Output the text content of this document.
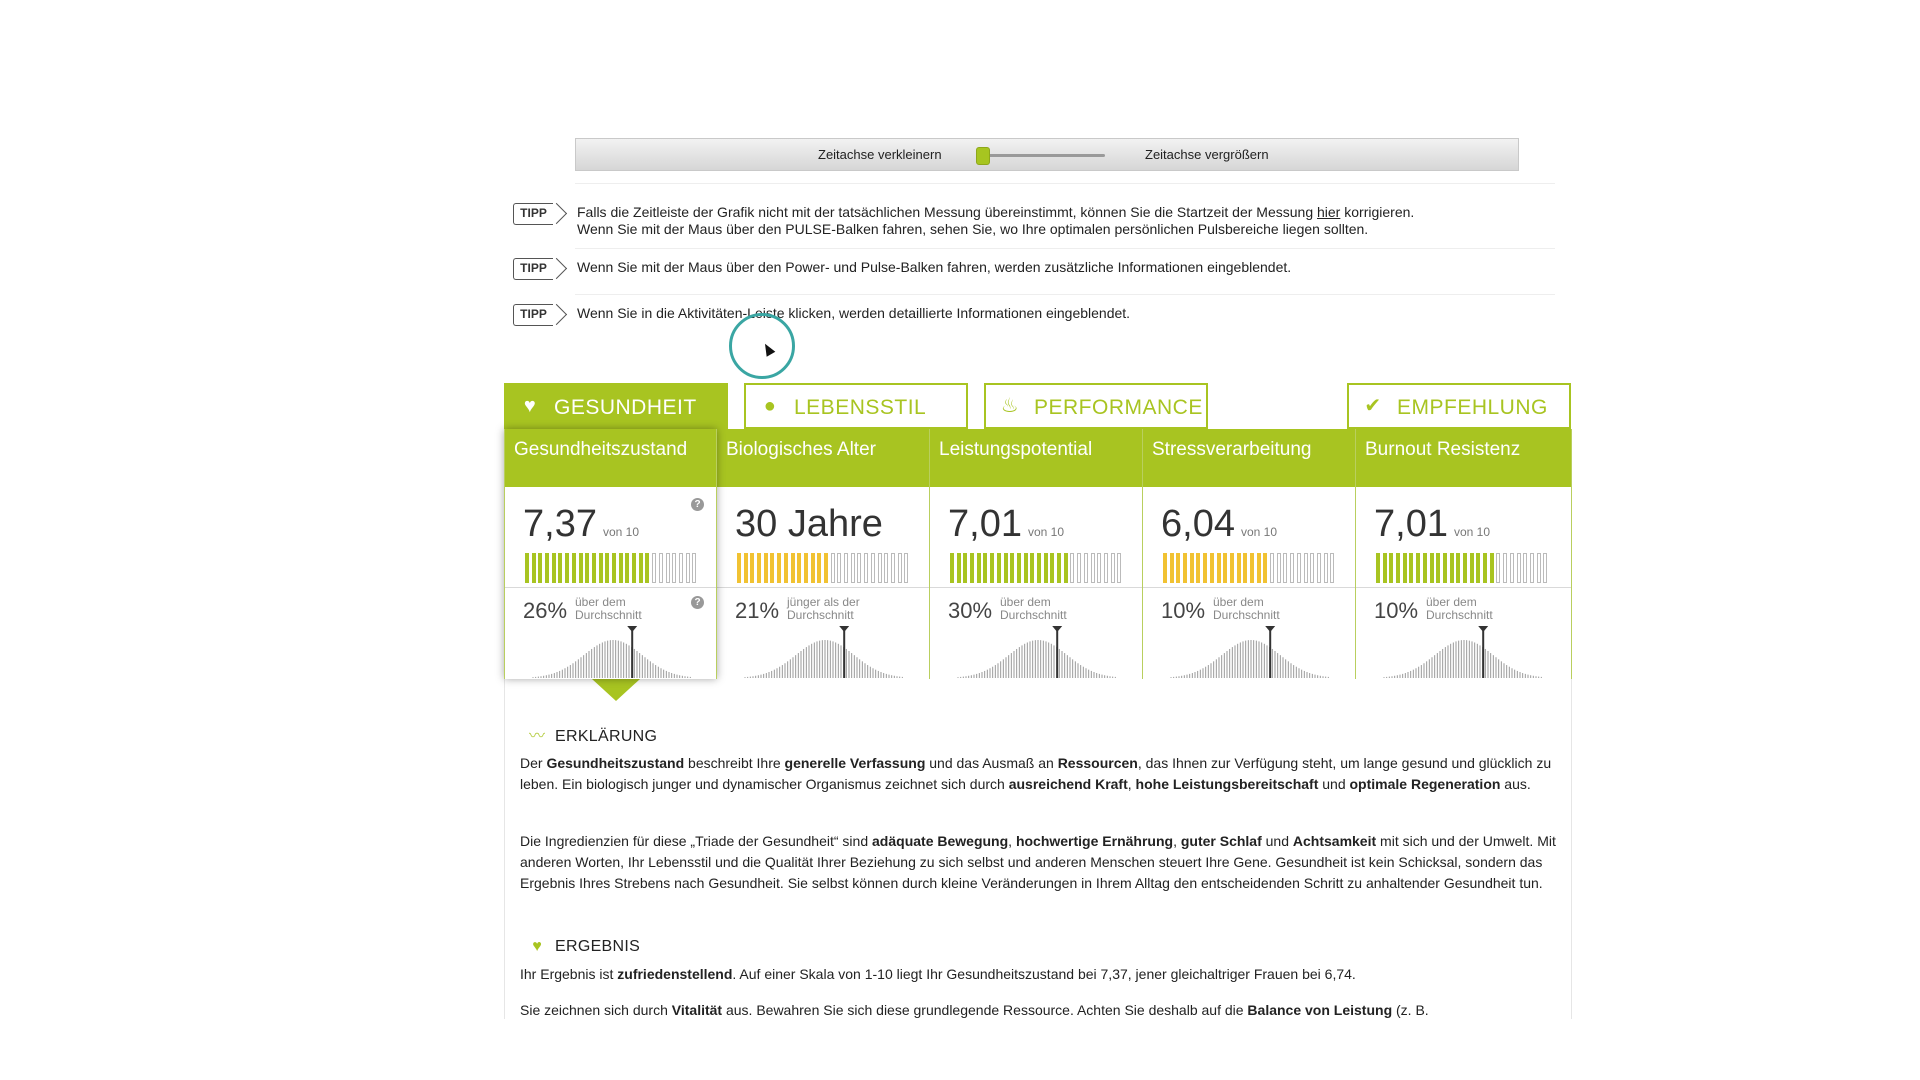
Zeitachse verkleinern	Zeitachse vergrößern
TIPP	Falls die Zeitleiste der Grafik nicht mit der tatsächlichen Messung übereinstimmt, können Sie die Startzeit der Messung hier korrigieren.
Wenn Sie mit der Maus über den PULSE-Balken fahren, sehen Sie, wo Ihre optimalen persönlichen Pulsbereiche liegen sollten.
TIPP	Wenn Sie mit der Maus über den Power- und Pulse-Balken fahren, werden zusätzliche Informationen eingeblendet.
TIPP	Wenn Sie in die Aktivitäten-Leiste klicken, werden detaillierte Informationen eingeblendet.
♥ GESUNDHEIT	● LEBENSSTIL	♨ PERFORMANCE	✔ EMPFEHLUNG
Gesundheitszustand
?
7,37 von 10
?
26% über dem
Durchschnitt
Biologisches Alter
30 Jahre
21% jünger als der
Durchschnitt
Leistungspotential
7,01 von 10
30% über dem
Durchschnitt
Stressverarbeitung
6,04 von 10
10% über dem
Durchschnitt
Burnout Resistenz
7,01 von 10
10% über dem
Durchschnitt
〰 ERKLÄRUNG
Der Gesundheitszustand beschreibt Ihre generelle Verfassung und das Ausmaß an Ressourcen, das Ihnen zur Verfügung steht, um lange gesund und glücklich zu leben. Ein biologisch junger und dynamischer Organismus zeichnet sich durch ausreichend Kraft, hohe Leistungsbereitschaft und optimale Regeneration aus.
Die Ingredienzien für diese „Triade der Gesundheit“ sind adäquate Bewegung, hochwertige Ernährung, guter Schlaf und Achtsamkeit mit sich und der Umwelt. Mit anderen Worten, Ihr Lebensstil und die Qualität Ihrer Beziehung zu sich selbst und anderen Menschen steuert Ihre Gene. Gesundheit ist kein Schicksal, sondern das Ergebnis Ihres Strebens nach Gesundheit. Sie selbst können durch kleine Veränderungen in Ihrem Alltag den entscheidenden Schritt zu anhaltender Gesundheit tun.
♥ ERGEBNIS
Ihr Ergebnis ist zufriedenstellend. Auf einer Skala von 1-10 liegt Ihr Gesundheitszustand bei 7,37, jener gleichaltriger Frauen bei 6,74.
Sie zeichnen sich durch Vitalität aus. Bewahren Sie sich diese grundlegende Ressource. Achten Sie deshalb auf die Balance von Leistung (z. B.
